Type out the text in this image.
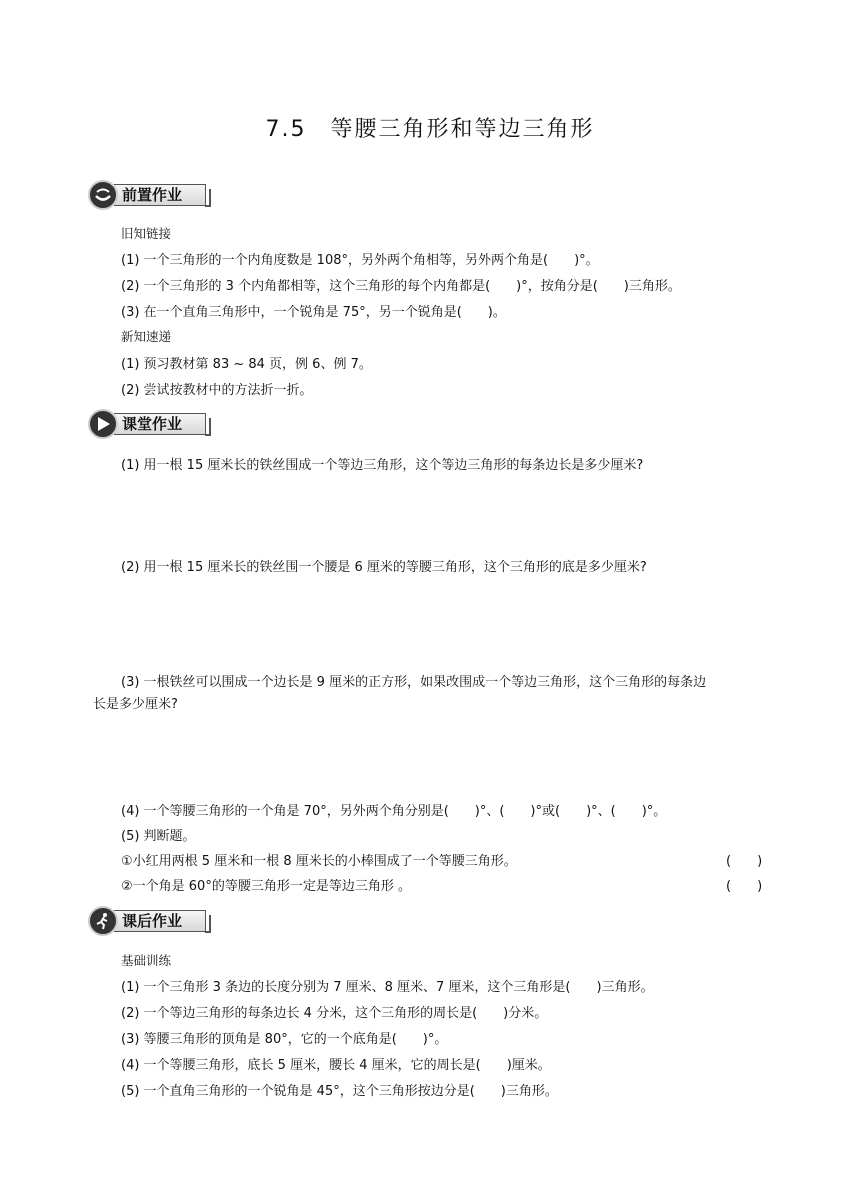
7.5　等腰三角形和等边三角形
前置作业
旧知链接
(1) 一个三角形的一个内角度数是 108°，另外两个角相等，另外两个角是(　　)°。
(2) 一个三角形的 3 个内角都相等，这个三角形的每个内角都是(　　)°，按角分是(　　)三角形。
(3) 在一个直角三角形中，一个锐角是 75°，另一个锐角是(　　)。
新知速递
(1) 预习教材第 83 ~ 84 页，例 6、例 7。
(2) 尝试按教材中的方法折一折。
课堂作业
(1) 用一根 15 厘米长的铁丝围成一个等边三角形，这个等边三角形的每条边长是多少厘米?
(2) 用一根 15 厘米长的铁丝围一个腰是 6 厘米的等腰三角形，这个三角形的底是多少厘米?
(3) 一根铁丝可以围成一个边长是 9 厘米的正方形，如果改围成一个等边三角形，这个三角形的每条边
长是多少厘米?
(4) 一个等腰三角形的一个角是 70°，另外两个角分别是(　　)°、(　　)°或(　　)°、(　　)°。
(5) 判断题。
①小红用两根 5 厘米和一根 8 厘米长的小棒围成了一个等腰三角形。	(　　)
②一个角是 60°的等腰三角形一定是等边三角形 。	(　　)
课后作业
基础训练
(1) 一个三角形 3 条边的长度分别为 7 厘米、8 厘米、7 厘米，这个三角形是(　　)三角形。
(2) 一个等边三角形的每条边长 4 分米，这个三角形的周长是(　　)分米。
(3) 等腰三角形的顶角是 80°，它的一个底角是(　　)°。
(4) 一个等腰三角形，底长 5 厘米，腰长 4 厘米，它的周长是(　　)厘米。
(5) 一个直角三角形的一个锐角是 45°，这个三角形按边分是(　　)三角形。
